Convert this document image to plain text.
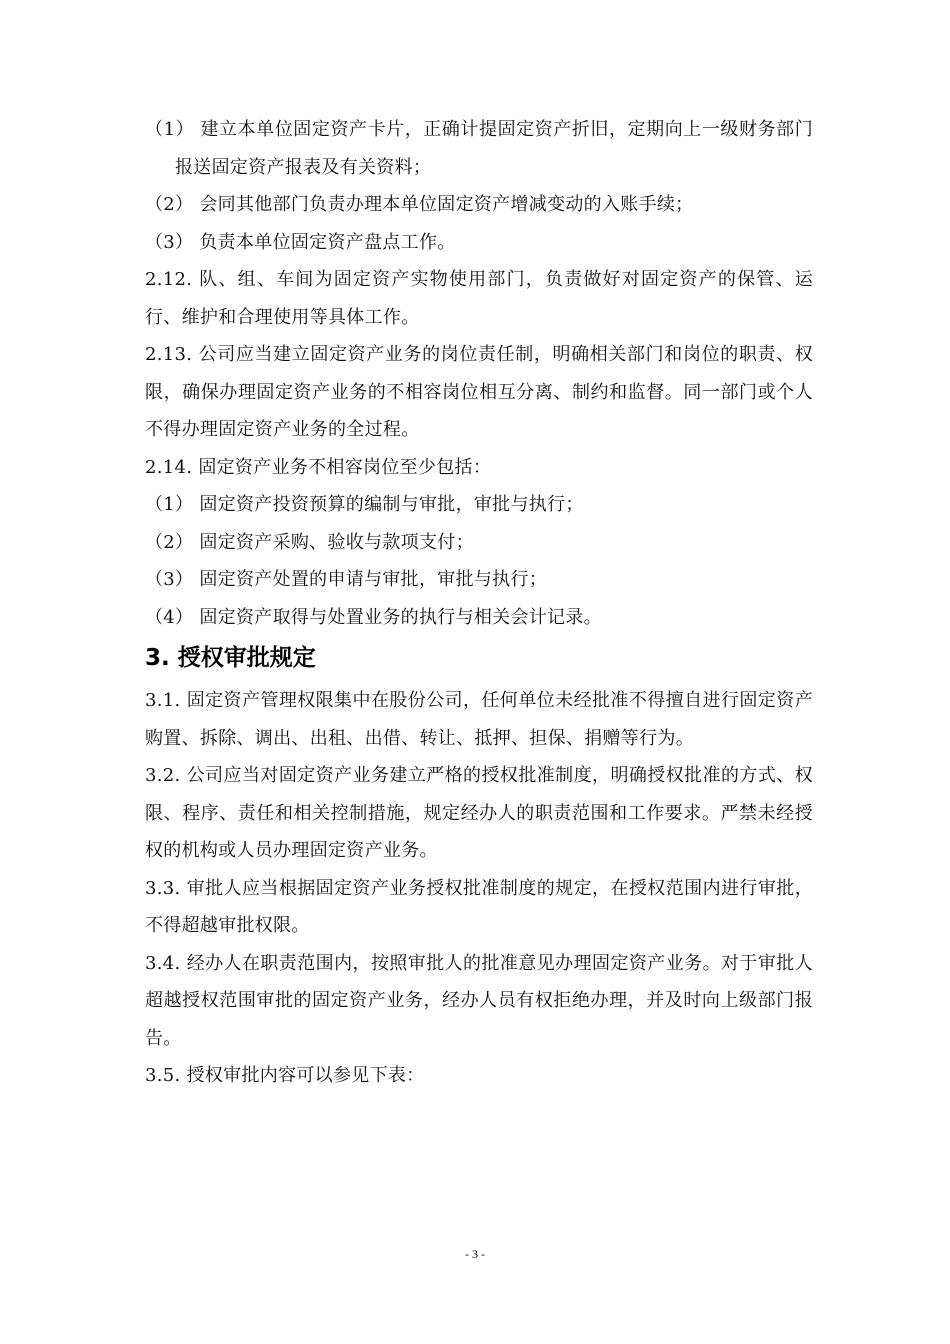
（1） 建立本单位固定资产卡片，正确计提固定资产折旧，定期向上一级财务部门报送固定资产报表及有关资料；

（2） 会同其他部门负责办理本单位固定资产增减变动的入账手续；

（3） 负责本单位固定资产盘点工作。

2.12. 队、组、车间为固定资产实物使用部门，负责做好对固定资产的保管、运行、维护和合理使用等具体工作。

2.13. 公司应当建立固定资产业务的岗位责任制，明确相关部门和岗位的职责、权限，确保办理固定资产业务的不相容岗位相互分离、制约和监督。同一部门或个人不得办理固定资产业务的全过程。

2.14. 固定资产业务不相容岗位至少包括：

（1） 固定资产投资预算的编制与审批，审批与执行；

（2） 固定资产采购、验收与款项支付；

（3） 固定资产处置的申请与审批，审批与执行；

（4） 固定资产取得与处置业务的执行与相关会计记录。

3. 授权审批规定

3.1. 固定资产管理权限集中在股份公司，任何单位未经批准不得擅自进行固定资产购置、拆除、调出、出租、出借、转让、抵押、担保、捐赠等行为。

3.2. 公司应当对固定资产业务建立严格的授权批准制度，明确授权批准的方式、权限、程序、责任和相关控制措施，规定经办人的职责范围和工作要求。严禁未经授权的机构或人员办理固定资产业务。

3.3. 审批人应当根据固定资产业务授权批准制度的规定，在授权范围内进行审批，不得超越审批权限。

3.4. 经办人在职责范围内，按照审批人的批准意见办理固定资产业务。对于审批人超越授权范围审批的固定资产业务，经办人员有权拒绝办理，并及时向上级部门报告。

3.5. 授权审批内容可以参见下表：

- 3 -
